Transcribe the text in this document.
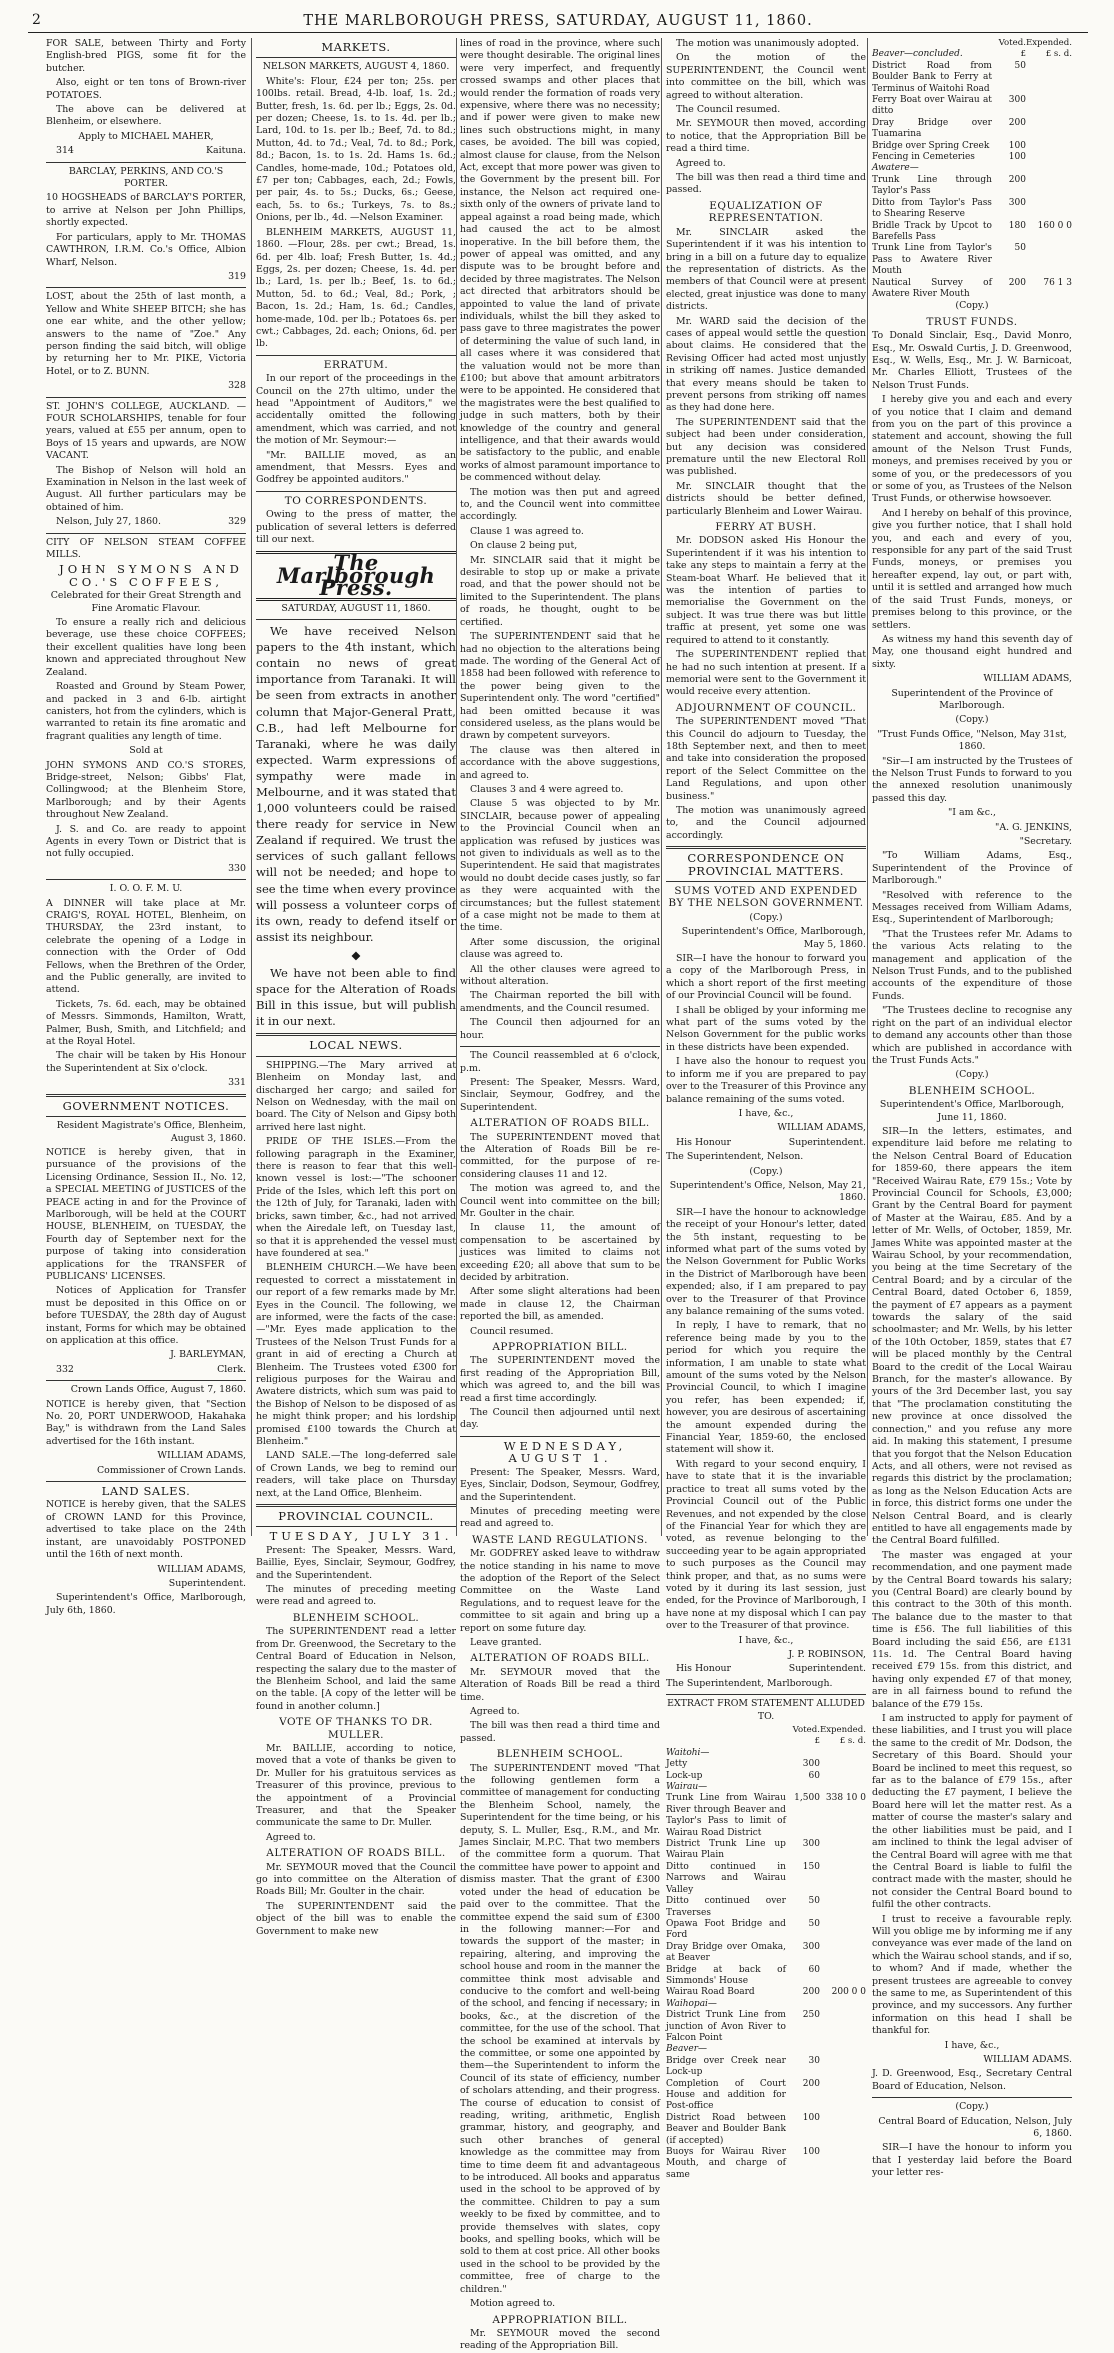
2	THE MARLBOROUGH PRESS, SATURDAY, AUGUST 11, 1860.

FOR SALE, between Thirty and Forty English-bred PIGS, some fit for the butcher.

Also, eight or ten tons of Brown-river POTATOES.

The above can be delivered at Blenheim, or elsewhere.

Apply to MICHAEL MAHER,

314	Kaitunа.

BARCLAY, PERKINS, AND CO.'S PORTER.

10 HOGSHEADS of BARCLAY'S PORTER, to arrive at Nelson per John Phillips, shortly expected.

For particulars, apply to Mr. THOMAS CAWTHRON, I.R.M. Co.'s Office, Albion Wharf, Nelson.

319

LOST, about the 25th of last month, a Yellow and White SHEEP BITCH; she has one ear white, and the other yellow; answers to the name of "Zoe." Any person finding the said bitch, will oblige by returning her to Mr. PIKE, Victoria Hotel, or to Z. BUNN.

328

ST. JOHN'S COLLEGE, AUCKLAND. —FOUR SCHOLARSHIPS, tenable for four years, valued at £55 per annum, open to Boys of 15 years and upwards, are NOW VACANT.

The Bishop of Nelson will hold an Examination in Nelson in the last week of August. All further particulars may be obtained of him.

Nelson, July 27, 1860.	329

CITY OF NELSON STEAM COFFEE MILLS.

JOHN SYMONS AND CO.'S COFFEES,

Celebrated for their Great Strength and Fine Aromatic Flavour.

To ensure a really rich and delicious beverage, use these choice COFFEES; their excellent qualities have long been known and appreciated throughout New Zealand.

Roasted and Ground by Steam Power, and packed in 3 and 6-lb. airtight canisters, hot from the cylinders, which is warranted to retain its fine aromatic and fragrant qualities any length of time.

Sold at

JOHN SYMONS AND CO.'S STORES, Bridge-street, Nelson; Gibbs' Flat, Collingwood; at the Blenheim Store, Marlborough; and by their Agents throughout New Zealand.

J. S. and Co. are ready to appoint Agents in every Town or District that is not fully occupied.

330

I. O. O. F. M. U.

A DINNER will take place at Mr. CRAIG'S, ROYAL HOTEL, Blenheim, on THURSDAY, the 23rd instant, to celebrate the opening of a Lodge in connection with the Order of Odd Fellows, when the Brethren of the Order, and the Public generally, are invited to attend.

Tickets, 7s. 6d. each, may be obtained of Messrs. Simmonds, Hamilton, Wratt, Palmer, Bush, Smith, and Litchfield; and at the Royal Hotel.

The chair will be taken by His Honour the Superintendent at Six o'clock.

331

GOVERNMENT NOTICES.

Resident Magistrate's Office, Blenheim, August 3, 1860.

NOTICE is hereby given, that in pursuance of the provisions of the Licensing Ordinance, Session II., No. 12, a SPECIAL MEETING of JUSTICES of the PEACE acting in and for the Province of Marlborough, will be held at the COURT HOUSE, BLENHEIM, on TUESDAY, the Fourth day of September next for the purpose of taking into consideration applications for the TRANSFER of PUBLICANS' LICENSES.

Notices of Application for Transfer must be deposited in this Office on or before TUESDAY, the 28th day of August instant, Forms for which may be obtained on application at this office.

J. BARLEYMAN,

332	Clerk.

Crown Lands Office, August 7, 1860.

NOTICE is hereby given, that "Section No. 20, PORT UNDERWOOD, Hakahaka Bay," is withdrawn from the Land Sales advertised for the 16th instant.

WILLIAM ADAMS,

Commissioner of Crown Lands.

LAND SALES.

NOTICE is hereby given, that the SALES of CROWN LAND for this Province, advertised to take place on the 24th instant, are unavoidably POSTPONED until the 16th of next month.

WILLIAM ADAMS,

Superintendent.

Superintendent's Office, Marlborough, July 6th, 1860.

MARKETS.

NELSON MARKETS, AUGUST 4, 1860.

White's: Flour, £24 per ton; 25s. per 100lbs. retail. Bread, 4-lb. loaf, 1s. 2d.; Butter, fresh, 1s. 6d. per lb.; Eggs, 2s. 0d. per dozen; Cheese, 1s. to 1s. 4d. per lb.; Lard, 10d. to 1s. per lb.; Beef, 7d. to 8d.; Mutton, 4d. to 7d.; Veal, 7d. to 8d.; Pork, 8d.; Bacon, 1s. to 1s. 2d. Hams 1s. 6d.; Candles, home-made, 10d.; Potatoes old, £7 per ton; Cabbages, each, 2d.; Fowls, per pair, 4s. to 5s.; Ducks, 6s.; Geese, each, 5s. to 6s.; Turkeys, 7s. to 8s.; Onions, per lb., 4d. —Nelson Examiner.

BLENHEIM MARKETS, AUGUST 11, 1860. —Flour, 28s. per cwt.; Bread, 1s. 6d. per 4lb. loaf; Fresh Butter, 1s. 4d.; Eggs, 2s. per dozen; Cheese, 1s. 4d. per lb.; Lard, 1s. per lb.; Beef, 1s. to 6d.; Mutton, 5d. to 6d.; Veal, 8d.; Pork, ; Bacon, 1s. 2d.; Ham, 1s. 6d.; Candles, home-made, 10d. per lb.; Potatoes 6s. per cwt.; Cabbages, 2d. each; Onions, 6d. per lb.

ERRATUM.

In our report of the proceedings in the Council on the 27th ultimo, under the head "Appointment of Auditors," we accidentally omitted the following amendment, which was carried, and not the motion of Mr. Seymour:—

"Mr. BAILLIE moved, as an amendment, that Messrs. Eyes and Godfrey be appointed auditors."

TO CORRESPONDENTS.

Owing to the press of matter, the publication of several letters is deferred till our next.

The Marlborough Press.

SATURDAY, AUGUST 11, 1860.

We have received Nelson papers to the 4th instant, which contain no news of great importance from Taranaki. It will be seen from extracts in another column that Major-General Pratt, C.B., had left Melbourne for Taranaki, where he was daily expected. Warm expressions of sympathy were made in Melbourne, and it was stated that 1,000 volunteers could be raised there ready for service in New Zealand if required. We trust the services of such gallant fellows will not be needed; and hope to see the time when every province will possess a volunteer corps of its own, ready to defend itself or assist its neighbour.

◆

We have not been able to find space for the Alteration of Roads Bill in this issue, but will publish it in our next.

LOCAL NEWS.

SHIPPING.—The Mary arrived at Blenheim on Monday last, and discharged her cargo; and sailed for Nelson on Wednesday, with the mail on board. The City of Nelson and Gipsy both arrived here last night.

PRIDE OF THE ISLES.—From the following paragraph in the Examiner, there is reason to fear that this well-known vessel is lost:—"The schooner Pride of the Isles, which left this port on the 12th of July, for Taranaki, laden with bricks, sawn timber, &c., had not arrived when the Airedale left, on Tuesday last, so that it is apprehended the vessel must have foundered at sea."

BLENHEIM CHURCH.—We have been requested to correct a misstatement in our report of a few remarks made by Mr. Eyes in the Council. The following, we are informed, were the facts of the case:—"Mr. Eyes made application to the Trustees of the Nelson Trust Funds for a grant in aid of erecting a Church at Blenheim. The Trustees voted £300 for religious purposes for the Wairau and Awatere districts, which sum was paid to the Bishop of Nelson to be disposed of as he might think proper; and his lordship promised £100 towards the Church at Blenheim."

LAND SALE.—The long-deferred sale of Crown Lands, we beg to remind our readers, will take place on Thursday next, at the Land Office, Blenheim.

PROVINCIAL COUNCIL.

TUESDAY, JULY 31.

Present: The Speaker, Messrs. Ward, Baillie, Eyes, Sinclair, Seymour, Godfrey, and the Superintendent.

The minutes of preceding meeting were read and agreed to.

BLENHEIM SCHOOL.

The SUPERINTENDENT read a letter from Dr. Greenwood, the Secretary to the Central Board of Education in Nelson, respecting the salary due to the master of the Blenheim School, and laid the same on the table. [A copy of the letter will be found in another column.]

VOTE OF THANKS TO DR. MULLER.

Mr. BAILLIE, according to notice, moved that a vote of thanks be given to Dr. Muller for his gratuitous services as Treasurer of this province, previous to the appointment of a Provincial Treasurer, and that the Speaker communicate the same to Dr. Muller.

Agreed to.

ALTERATION OF ROADS BILL.

Mr. SEYMOUR moved that the Council go into committee on the Alteration of Roads Bill; Mr. Goulter in the chair.

The SUPERINTENDENT said the object of the bill was to enable the Government to make new

lines of road in the province, where such were thought desirable. The original lines were very imperfect, and frequently crossed swamps and other places that would render the formation of roads very expensive, where there was no necessity; and if power were given to make new lines such obstructions might, in many cases, be avoided. The bill was copied, almost clause for clause, from the Nelson Act, except that more power was given to the Government by the present bill. For instance, the Nelson act required one-sixth only of the owners of private land to appeal against a road being made, which had caused the act to be almost inoperative. In the bill before them, the power of appeal was omitted, and any dispute was to be brought before and decided by three magistrates. The Nelson act directed that arbitrators should be appointed to value the land of private individuals, whilst the bill they asked to pass gave to three magistrates the power of determining the value of such land, in all cases where it was considered that the valuation would not be more than £100; but above that amount arbitrators were to be appointed. He considered that the magistrates were the best qualified to judge in such matters, both by their knowledge of the country and general intelligence, and that their awards would be satisfactory to the public, and enable works of almost paramount importance to be commenced without delay.

The motion was then put and agreed to, and the Council went into committee accordingly.

Clause 1 was agreed to.

On clause 2 being put,

Mr. SINCLAIR said that it might be desirable to stop up or make a private road, and that the power should not be limited to the Superintendent. The plans of roads, he thought, ought to be certified.

The SUPERINTENDENT said that he had no objection to the alterations being made. The wording of the General Act of 1858 had been followed with reference to the power being given to the Superintendent only. The word "certified" had been omitted because it was considered useless, as the plans would be drawn by competent surveyors.

The clause was then altered in accordance with the above suggestions, and agreed to.

Clauses 3 and 4 were agreed to.

Clause 5 was objected to by Mr. SINCLAIR, because power of appealing to the Provincial Council when an application was refused by justices was not given to individuals as well as to the Superintendent. He said that magistrates would no doubt decide cases justly, so far as they were acquainted with the circumstances; but the fullest statement of a case might not be made to them at the time.

After some discussion, the original clause was agreed to.

All the other clauses were agreed to without alteration.

The Chairman reported the bill with amendments, and the Council resumed.

The Council then adjourned for an hour.

The Council reassembled at 6 o'clock, p.m.

Present: The Speaker, Messrs. Ward, Sinclair, Seymour, Godfrey, and the Superintendent.

ALTERATION OF ROADS BILL.

The SUPERINTENDENT moved that the Alteration of Roads Bill be re-committed, for the purpose of re-considering clauses 11 and 12.

The motion was agreed to, and the Council went into committee on the bill; Mr. Goulter in the chair.

In clause 11, the amount of compensation to be ascertained by justices was limited to claims not exceeding £20; all above that sum to be decided by arbitration.

After some slight alterations had been made in clause 12, the Chairman reported the bill, as amended.

Council resumed.

APPROPRIATION BILL.

The SUPERINTENDENT moved the first reading of the Appropriation Bill, which was agreed to, and the bill was read a first time accordingly.

The Council then adjourned until next day.

WEDNESDAY, AUGUST 1.

Present: The Speaker, Messrs. Ward, Eyes, Sinclair, Dodson, Seymour, Godfrey, and the Superintendent.

Minutes of preceding meeting were read and agreed to.

WASTE LAND REGULATIONS.

Mr. GODFREY asked leave to withdraw the notice standing in his name to move the adoption of the Report of the Select Committee on the Waste Land Regulations, and to request leave for the committee to sit again and bring up a report on some future day.

Leave granted.

ALTERATION OF ROADS BILL.

Mr. SEYMOUR moved that the Alteration of Roads Bill be read a third time.

Agreed to.

The bill was then read a third time and passed.

BLENHEIM SCHOOL.

The SUPERINTENDENT moved "That the following gentlemen form a committee of management for conducting the Blenheim School, namely, the Superintendent for the time being, or his deputy, S. L. Muller, Esq., R.M., and Mr. James Sinclair, M.P.C. That two members of the committee form a quorum. That the committee have power to appoint and dismiss master. That the grant of £300 voted under the head of education be paid over to the committee. That the committee expend the said sum of £300 in the following manner:—For and towards the support of the master; in repairing, altering, and improving the school house and room in the manner the committee think most advisable and conducive to the comfort and well-being of the school, and fencing if necessary; in books, &c., at the discretion of the committee, for the use of the school. That the school be examined at intervals by the committee, or some one appointed by them—the Superintendent to inform the Council of its state of efficiency, number of scholars attending, and their progress. The course of education to consist of reading, writing, arithmetic, English grammar, history, and geography, and such other branches of general knowledge as the committee may from time to time deem fit and advantageous to be introduced. All books and apparatus used in the school to be approved of by the committee. Children to pay a sum weekly to be fixed by committee, and to provide themselves with slates, copy books, and spelling books, which will be sold to them at cost price. All other books used in the school to be provided by the committee, free of charge to the children."

Motion agreed to.

APPROPRIATION BILL.

Mr. SEYMOUR moved the second reading of the Appropriation Bill.

The motion was unanimously adopted.

On the motion of the SUPERINTENDENT, the Council went into committee on the bill, which was agreed to without alteration.

The Council resumed.

Mr. SEYMOUR then moved, according to notice, that the Appropriation Bill be read a third time.

Agreed to.

The bill was then read a third time and passed.

EQUALIZATION OF REPRESENTATION.

Mr. SINCLAIR asked the Superintendent if it was his intention to bring in a bill on a future day to equalize the representation of districts. As the members of that Council were at present elected, great injustice was done to many districts.

Mr. WARD said the decision of the cases of appeal would settle the question about claims. He considered that the Revising Officer had acted most unjustly in striking off names. Justice demanded that every means should be taken to prevent persons from striking off names as they had done here.

The SUPERINTENDENT said that the subject had been under consideration, but any decision was considered premature until the new Electoral Roll was published.

Mr. SINCLAIR thought that the districts should be better defined, particularly Blenheim and Lower Wairau.

FERRY AT BUSH.

Mr. DODSON asked His Honour the Superintendent if it was his intention to take any steps to maintain a ferry at the Steam-boat Wharf. He believed that it was the intention of parties to memorialise the Government on the subject. It was true there was but little traffic at present, yet some one was required to attend to it constantly.

The SUPERINTENDENT replied that he had no such intention at present. If a memorial were sent to the Government it would receive every attention.

ADJOURNMENT OF COUNCIL.

The SUPERINTENDENT moved "That this Council do adjourn to Tuesday, the 18th September next, and then to meet and take into consideration the proposed report of the Select Committee on the Land Regulations, and upon other business."

The motion was unanimously agreed to, and the Council adjourned accordingly.

CORRESPONDENCE ON PROVINCIAL MATTERS.
SUMS VOTED AND EXPENDED BY THE NELSON GOVERNMENT.

(Copy.)

Superintendent's Office, Marlborough, May 5, 1860.

SIR—I have the honour to forward you a copy of the Marlborough Press, in which a short report of the first meeting of our Provincial Council will be found.

I shall be obliged by your informing me what part of the sums voted by the Nelson Government for the public works in these districts have been expended.

I have also the honour to request you to inform me if you are prepared to pay over to the Treasurer of this Province any balance remaining of the sums voted.

I have, &c.,

WILLIAM ADAMS,

His Honour	Superintendent.

The Superintendent, Nelson.

(Copy.)

Superintendent's Office, Nelson, May 21, 1860.

SIR—I have the honour to acknowledge the receipt of your Honour's letter, dated the 5th instant, requesting to be informed what part of the sums voted by the Nelson Government for Public Works in the District of Marlborough have been expended; also, if I am prepared to pay over to the Treasurer of that Province any balance remaining of the sums voted.

In reply, I have to remark, that no reference being made by you to the period for which you require the information, I am unable to state what amount of the sums voted by the Nelson Provincial Council, to which I imagine you refer, has been expended; if, however, you are desirous of ascertaining the amount expended during the Financial Year, 1859-60, the enclosed statement will show it.

With regard to your second enquiry, I have to state that it is the invariable practice to treat all sums voted by the Provincial Council out of the Public Revenues, and not expended by the close of the Financial Year for which they are voted, as revenue belonging to the succeeding year to be again appropriated to such purposes as the Council may think proper, and that, as no sums were voted by it during its last session, just ended, for the Province of Marlborough, I have none at my disposal which I can pay over to the Treasurer of that province.

I have, &c.,

J. P. ROBINSON,

His Honour	Superintendent.

The Superintendent, Marlborough.

EXTRACT FROM STATEMENT ALLUDED TO.

	Voted.	Expended.
	£	£ s. d.
Waitohi—		
Jetty	300	
Lock-up	60	
Wairau—		
Trunk Line from Wairau River through Beaver and Taylor's Pass to limit of Wairau Road District	1,500	338 10 0
District Trunk Line up Wairau Plain	300	
Ditto continued in Narrows and Wairau Valley	150	
Ditto continued over Traverses	50	
Opawa Foot Bridge and Ford	50	
Dray Bridge over Omaka, at Beaver	300	
Bridge at back of Simmonds' House	60	
Wairau Road Board	200	200 0 0
Waihopai—		
District Trunk Line from junction of Avon River to Falcon Point	250	
Beaver—		
Bridge over Creek near Lock-up	30	
Completion of Court House and addition for Post-office	200	
District Road between Beaver and Boulder Bank (if accepted)	100	
Buoys for Wairau River Mouth, and charge of same	100	
	Voted.	Expended.
Beaver—concluded.	£	£ s. d.
District Road from Boulder Bank to Ferry at Terminus of Waitohi Road	50	
Ferry Boat over Wairau at ditto	300	
Dray Bridge over Tuamarina	200	
Bridge over Spring Creek	100	
Fencing in Cemeteries	100	
Awatere—		
Trunk Line through Taylor's Pass	200	
Ditto from Taylor's Pass to Shearing Reserve	300	
Bridle Track by Upcot to Barefells Pass	180	160 0 0
Trunk Line from Taylor's Pass to Awatere River Mouth	50	
Nautical Survey of Awatere River Mouth	200	76 1 3

(Copy.)

TRUST FUNDS.

To Donald Sinclair, Esq., David Monro, Esq., Mr. Oswald Curtis, J. D. Greenwood, Esq., W. Wells, Esq., Mr. J. W. Barnicoat, Mr. Charles Elliott, Trustees of the Nelson Trust Funds.

I hereby give you and each and every of you notice that I claim and demand from you on the part of this province a statement and account, showing the full amount of the Nelson Trust Funds, moneys, and premises received by you or some of you, or the predecessors of you or some of you, as Trustees of the Nelson Trust Funds, or otherwise howsoever.

And I hereby on behalf of this province, give you further notice, that I shall hold you, and each and every of you, responsible for any part of the said Trust Funds, moneys, or premises you hereafter expend, lay out, or part with, until it is settled and arranged how much of the said Trust Funds, moneys, or premises belong to this province, or the settlers.

As witness my hand this seventh day of May, one thousand eight hundred and sixty.

WILLIAM ADAMS,

Superintendent of the Province of Marlborough.

(Copy.)

"Trust Funds Office, "Nelson, May 31st, 1860.

"Sir—I am instructed by the Trustees of the Nelson Trust Funds to forward to you the annexed resolution unanimously passed this day.

"I am &c.,

"A. G. JENKINS,

"Secretary.

"To William Adams, Esq., Superintendent of the Province of Marlborough."

"Resolved with reference to the Messages received from William Adams, Esq., Superintendent of Marlborough;

"That the Trustees refer Mr. Adams to the various Acts relating to the management and application of the Nelson Trust Funds, and to the published accounts of the expenditure of those Funds.

"The Trustees decline to recognise any right on the part of an individual elector to demand any accounts other than those which are published in accordance with the Trust Funds Acts."

(Copy.)

BLENHEIM SCHOOL.

Superintendent's Office, Marlborough, June 11, 1860.

SIR—In the letters, estimates, and expenditure laid before me relating to the Nelson Central Board of Education for 1859-60, there appears the item "Received Wairau Rate, £79 15s.; Vote by Provincial Council for Schools, £3,000; Grant by the Central Board for payment of Master at the Wairau, £85. And by a letter of Mr. Wells, of October, 1859, Mr. James White was appointed master at the Wairau School, by your recommendation, you being at the time Secretary of the Central Board; and by a circular of the Central Board, dated October 6, 1859, the payment of £7 appears as a payment towards the salary of the said schoolmaster; and Mr. Wells, by his letter of the 10th October, 1859, states that £7 will be placed monthly by the Central Board to the credit of the Local Wairau Branch, for the master's allowance. By yours of the 3rd December last, you say that "The proclamation constituting the new province at once dissolved the connection," and you refuse any more aid. In making this statement, I presume that you forgot that the Nelson Education Acts, and all others, were not revised as regards this district by the proclamation; as long as the Nelson Education Acts are in force, this district forms one under the Nelson Central Board, and is clearly entitled to have all engagements made by the Central Board fulfilled.

The master was engaged at your recommendation, and one payment made by the Central Board towards his salary; you (Central Board) are clearly bound by this contract to the 30th of this month. The balance due to the master to that time is £56. The full liabilities of this Board including the said £56, are £131 11s. 1d. The Central Board having received £79 15s. from this district, and having only expended £7 of that money, are in all fairness bound to refund the balance of the £79 15s.

I am instructed to apply for payment of these liabilities, and I trust you will place the same to the credit of Mr. Dodson, the Secretary of this Board. Should your Board be inclined to meet this request, so far as to the balance of £79 15s., after deducting the £7 payment, I believe the Board here will let the matter rest. As a matter of course the master's salary and the other liabilities must be paid, and I am inclined to think the legal adviser of the Central Board will agree with me that the Central Board is liable to fulfil the contract made with the master, should he not consider the Central Board bound to fulfil the other contracts.

I trust to receive a favourable reply. Will you oblige me by informing me if any conveyance was ever made of the land on which the Wairau school stands, and if so, to whom? And if made, whether the present trustees are agreeable to convey the same to me, as Superintendent of this province, and my successors. Any further information on this head I shall be thankful for.

I have, &c.,

WILLIAM ADAMS.

J. D. Greenwood, Esq., Secretary Central Board of Education, Nelson.

(Copy.)

Central Board of Education, Nelson, July 6, 1860.

SIR—I have the honour to inform you that I yesterday laid before the Board your letter res-
